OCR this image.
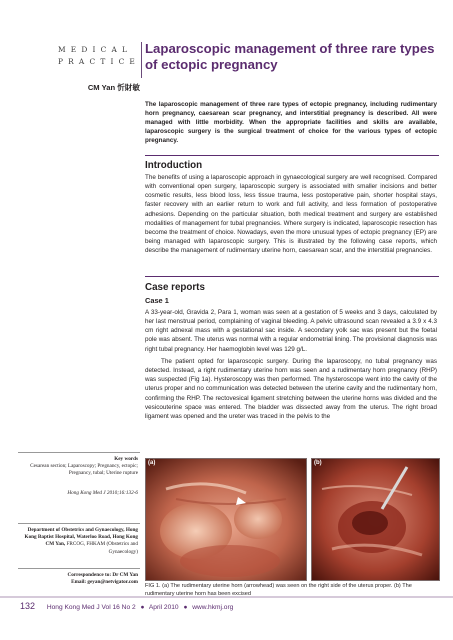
MEDICAL PRACTICE
Laparoscopic management of three rare types of ectopic pregnancy
CM Yan 忻財敏
The laparoscopic management of three rare types of ectopic pregnancy, including rudimentary horn pregnancy, caesarean scar pregnancy, and interstitial pregnancy is described. All were managed with little morbidity. When the appropriate facilities and skills are available, laparoscopic surgery is the surgical treatment of choice for the various types of ectopic pregnancy.
Introduction

The benefits of using a laparoscopic approach in gynaecological surgery are well recognised. Compared with conventional open surgery, laparoscopic surgery is associated with smaller incisions and better cosmetic results, less blood loss, less tissue trauma, less postoperative pain, shorter hospital stays, faster recovery with an earlier return to work and full activity, and less formation of postoperative adhesions. Depending on the particular situation, both medical treatment and surgery are established modalities of management for tubal pregnancies. Where surgery is indicated, laparoscopic resection has become the treatment of choice. Nowadays, even the more unusual types of ectopic pregnancy (EP) are being managed with laparoscopic surgery. This is illustrated by the following case reports, which describe the management of rudimentary uterine horn, caesarean scar, and the interstitial pregnancies.

Case reports
Case 1

A 33-year-old, Gravida 2, Para 1, woman was seen at a gestation of 5 weeks and 3 days, calculated by her last menstrual period, complaining of vaginal bleeding. A pelvic ultrasound scan revealed a 3.9 x 4.3 cm right adnexal mass with a gestational sac inside. A secondary yolk sac was present but the foetal pole was absent. The uterus was normal with a regular endometrial lining. The provisional diagnosis was right tubal pregnancy. Her haemoglobin level was 129 g/L.

The patient opted for laparoscopic surgery. During the laparoscopy, no tubal pregnancy was detected. Instead, a right rudimentary uterine horn was seen and a rudimentary horn pregnancy (RHP) was suspected (Fig 1a). Hysteroscopy was then performed. The hysteroscope went into the cavity of the uterus proper and no communication was detected between the uterine cavity and the rudimentary horn, confirming the RHP. The rectovesical ligament stretching between the uterine horns was divided and the vesicouterine space was entered. The bladder was dissected away from the uterus. The right broad ligament was opened and the ureter was traced in the pelvis to the

Key words
Cesarean section; Laparoscopy; Pregnancy, ectopic; Pregnancy, tubal; Uterine rupture
Hong Kong Med J 2010;16:132-6
Department of Obstetrics and Gynaecology, Hong Kong Baptist Hospital, Waterloo Road, Hong Kong
CM Yan, FRCOG, FHKAM (Obstetrics and Gynaecology)
Correspondence to: Dr CM Yan
Email: geyan@netvigator.com
(a)	(b)
FIG 1. (a) The rudimentary uterine horn (arrowhead) was seen on the right side of the uterus proper. (b) The rudimentary uterine horn has been excised
132 Hong Kong Med J Vol 16 No 2 ● April 2010 ● www.hkmj.org
